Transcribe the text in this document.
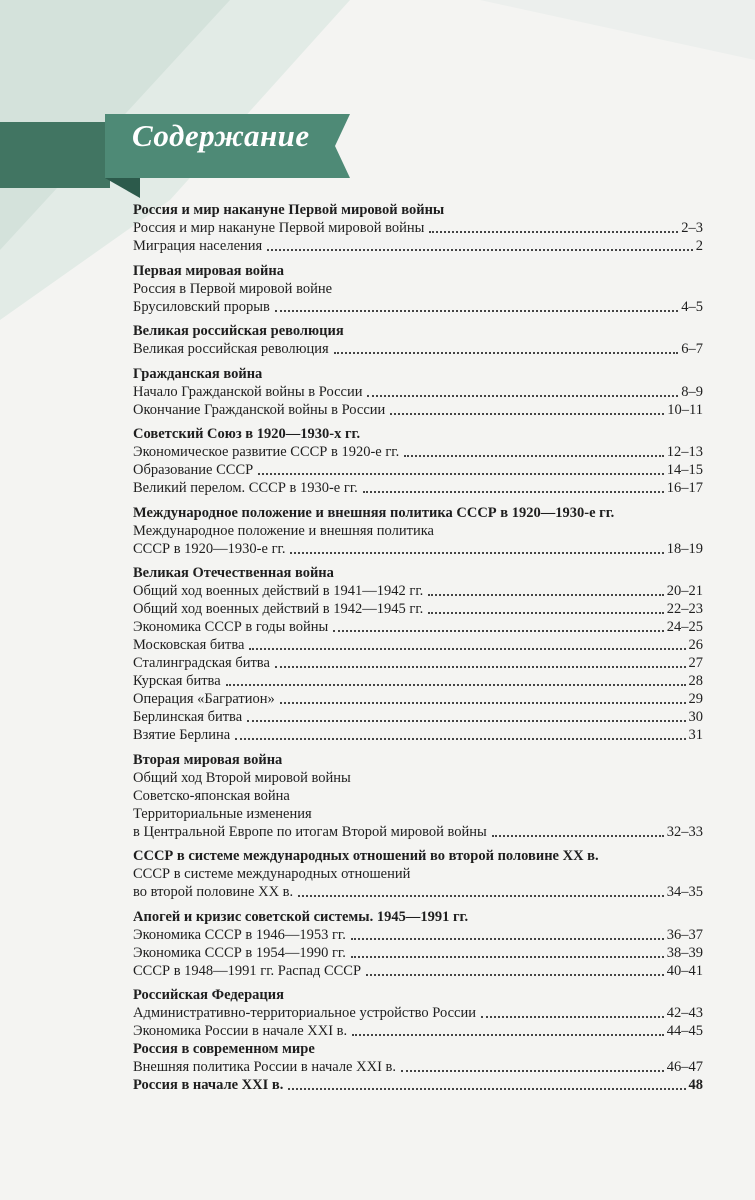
Содержание
Россия и мир накануне Первой мировой войны
Россия и мир накануне Первой мировой войны	2–3
Миграция населения	2
Первая мировая война
Россия в Первой мировой войне
Брусиловский прорыв	4–5
Великая российская революция
Великая российская революция	6–7
Гражданская война
Начало Гражданской войны в России	8–9
Окончание Гражданской войны в России	10–11
Советский Союз в 1920—1930-х гг.
Экономическое развитие СССР в 1920-е гг.	12–13
Образование СССР	14–15
Великий перелом. СССР в 1930-е гг.	16–17
Международное положение и внешняя политика СССР в 1920—1930-е гг.
Международное положение и внешняя политика
СССР в 1920—1930-е гг.	18–19
Великая Отечественная война
Общий ход военных действий в 1941—1942 гг.	20–21
Общий ход военных действий в 1942—1945 гг.	22–23
Экономика СССР в годы войны	24–25
Московская битва	26
Сталинградская битва	27
Курская битва	28
Операция «Багратион»	29
Берлинская битва	30
Взятие Берлина	31
Вторая мировая война
Общий ход Второй мировой войны
Советско-японская война
Территориальные изменения
в Центральной Европе по итогам Второй мировой войны	32–33
СССР в системе международных отношений во второй половине XX в.
СССР в системе международных отношений
во второй половине XX в.	34–35
Апогей и кризис советской системы. 1945—1991 гг.
Экономика СССР в 1946—1953 гг.	36–37
Экономика СССР в 1954—1990 гг.	38–39
СССР в 1948—1991 гг. Распад СССР	40–41
Российская Федерация
Административно-территориальное устройство России	42–43
Экономика России в начале XXI в.	44–45
Россия в современном мире
Внешняя политика России в начале XXI в.	46–47
Россия в начале XXI в.	48
